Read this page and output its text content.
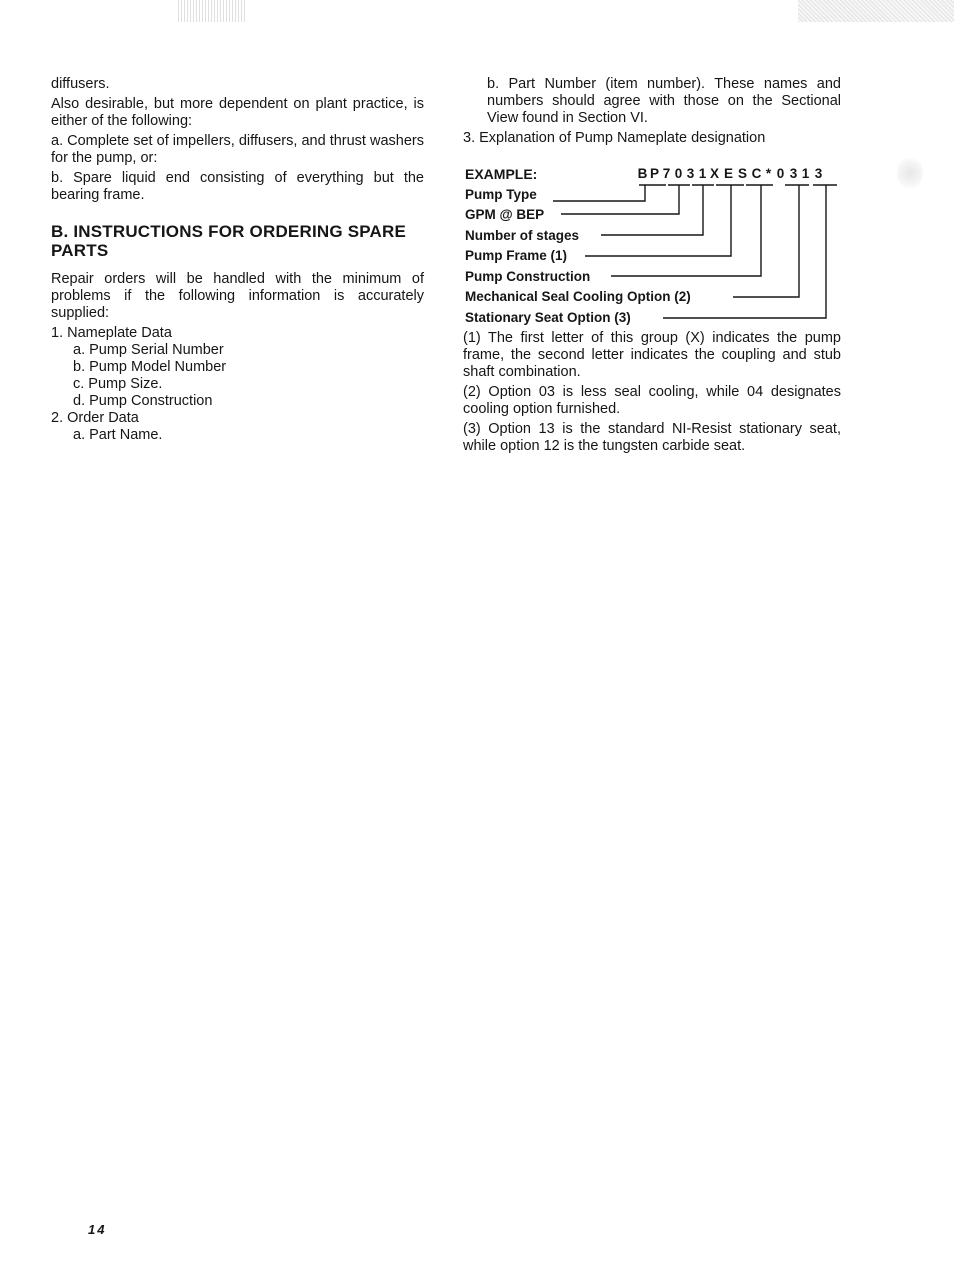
diffusers.

Also desirable, but more dependent on plant practice, is either of the following:

a. Complete set of impellers, diffusers, and thrust washers for the pump, or:

b. Spare liquid end consisting of everything but the bearing frame.

B. INSTRUCTIONS FOR ORDERING SPARE PARTS

Repair orders will be handled with the minimum of problems if the following information is accurately supplied:

1. Nameplate Data
a. Pump Serial Number
b. Pump Model Number
c. Pump Size.
d. Pump Construction
2. Order Data
a. Part Name.

b. Part Number (item number). These names and numbers should agree with those on the Sectional View found in Section VI.

3. Explanation of Pump Nameplate designation

EXAMPLE:	B P 7 0 3 1 X E S C * 0 3 1 3
Pump Type
GPM @ BEP
Number of stages
Pump Frame (1)
Pump Construction
Mechanical Seal Cooling Option (2)
Stationary Seat Option (3)

(1) The first letter of this group (X) indicates the pump frame, the second letter indicates the coupling and stub shaft combination.

(2) Option 03 is less seal cooling, while 04 designates cooling option furnished.

(3) Option 13 is the standard NI-Resist stationary seat, while option 12 is the tungsten carbide seat.

14
